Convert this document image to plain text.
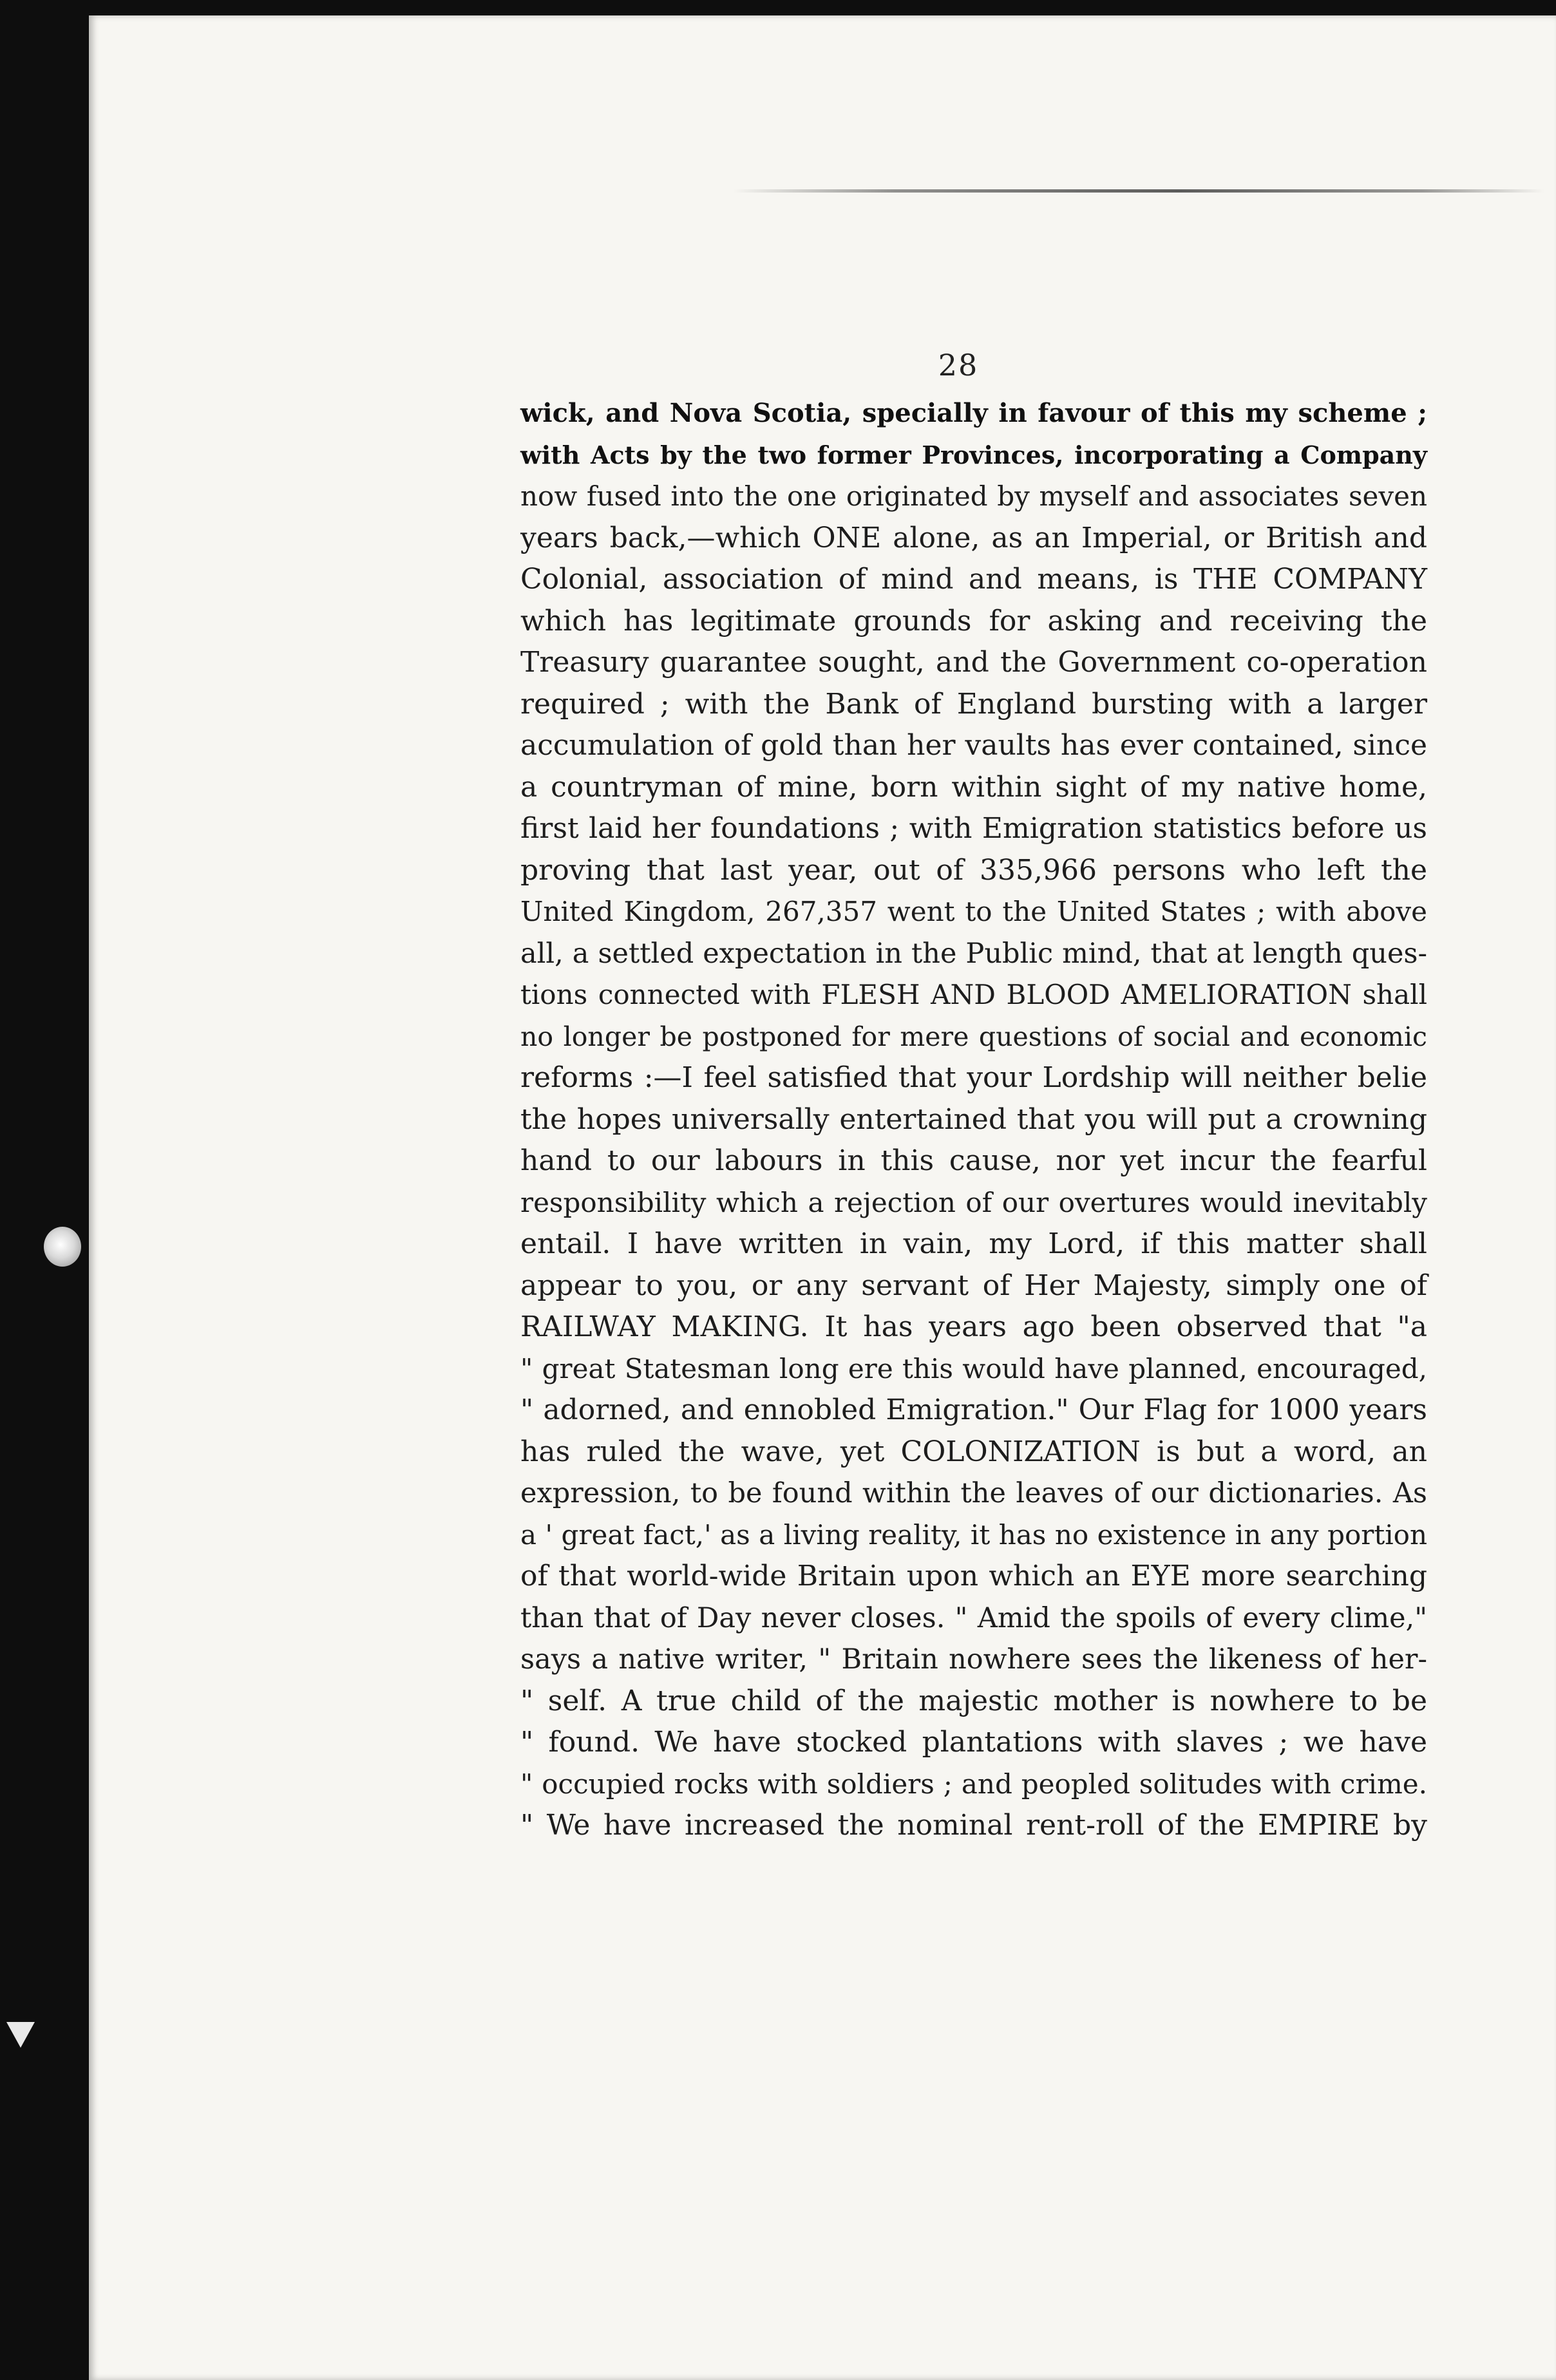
28
wick, and Nova Scotia, specially in favour of this my scheme ;
with Acts by the two former Provinces, incorporating a Company
now fused into the one originated by myself and associates seven
years back,—which ONE alone, as an Imperial, or British and
Colonial, association of mind and means, is THE COMPANY
which has legitimate grounds for asking and receiving the
Treasury guarantee sought, and the Government co-operation
required ; with the Bank of England bursting with a larger
accumulation of gold than her vaults has ever contained, since
a countryman of mine, born within sight of my native home,
first laid her foundations ; with Emigration statistics before us
proving that last year, out of 335,966 persons who left the
United Kingdom, 267,357 went to the United States ; with above
all, a settled expectation in the Public mind, that at length ques-
tions connected with FLESH AND BLOOD AMELIORATION shall
no longer be postponed for mere questions of social and economic
reforms :—I feel satisfied that your Lordship will neither belie
the hopes universally entertained that you will put a crowning
hand to our labours in this cause, nor yet incur the fearful
responsibility which a rejection of our overtures would inevitably
entail. I have written in vain, my Lord, if this matter shall
appear to you, or any servant of Her Majesty, simply one of
RAILWAY MAKING. It has years ago been observed that "a
" great Statesman long ere this would have planned, encouraged,
" adorned, and ennobled Emigration." Our Flag for 1000 years
has ruled the wave, yet COLONIZATION is but a word, an
expression, to be found within the leaves of our dictionaries. As
a ' great fact,' as a living reality, it has no existence in any portion
of that world-wide Britain upon which an EYE more searching
than that of Day never closes. " Amid the spoils of every clime,"
says a native writer, " Britain nowhere sees the likeness of her-
" self. A true child of the majestic mother is nowhere to be
" found. We have stocked plantations with slaves ; we have
" occupied rocks with soldiers ; and peopled solitudes with crime.
" We have increased the nominal rent-roll of the EMPIRE by
